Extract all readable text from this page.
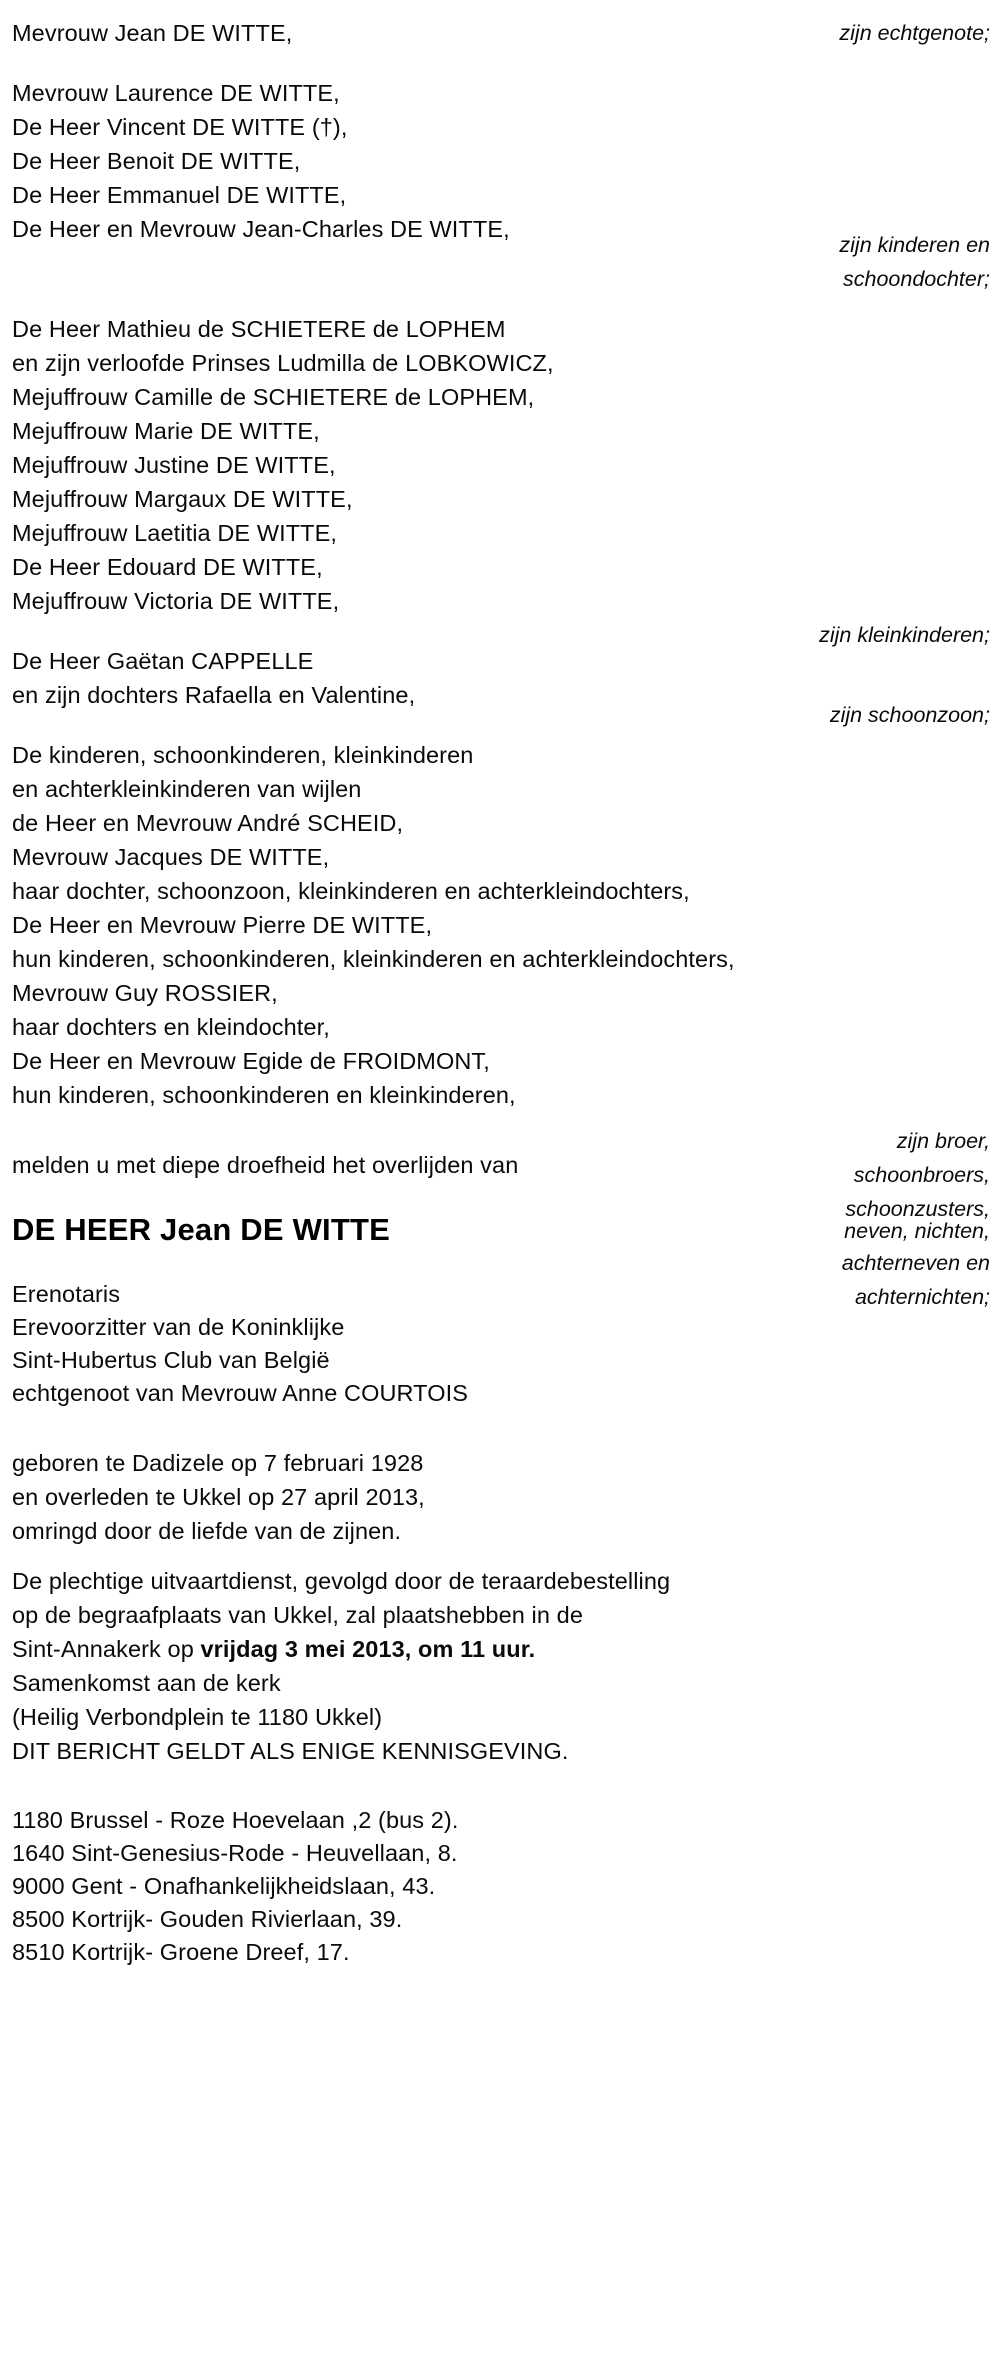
Mevrouw Jean DE WITTE,	zijn echtgenote;
Mevrouw Laurence DE WITTE,
De Heer Vincent DE WITTE (†),
De Heer Benoit DE WITTE,
De Heer Emmanuel DE WITTE,
De Heer en Mevrouw Jean-Charles DE WITTE,
zijn kinderen en
schoondochter;
De Heer Mathieu de SCHIETERE de LOPHEM
en zijn verloofde Prinses Ludmilla de LOBKOWICZ,
Mejuffrouw Camille de SCHIETERE de LOPHEM,
Mejuffrouw Marie DE WITTE,
Mejuffrouw Justine DE WITTE,
Mejuffrouw Margaux DE WITTE,
Mejuffrouw Laetitia DE WITTE,
De Heer Edouard DE WITTE,
Mejuffrouw Victoria DE WITTE,
zijn kleinkinderen;
De Heer Gaëtan CAPPELLE
en zijn dochters Rafaella en Valentine,
zijn schoonzoon;
De kinderen, schoonkinderen, kleinkinderen
en achterkleinkinderen van wijlen
de Heer en Mevrouw André SCHEID,
Mevrouw Jacques DE WITTE,
haar dochter, schoonzoon, kleinkinderen en achterkleindochters,
De Heer en Mevrouw Pierre DE WITTE,
hun kinderen, schoonkinderen, kleinkinderen en achterkleindochters,
Mevrouw Guy ROSSIER,
haar dochters en kleindochter,
De Heer en Mevrouw Egide de FROIDMONT,
hun kinderen, schoonkinderen en kleinkinderen,
zijn broer,
schoonbroers,
schoonzusters,
neven, nichten,
achterneven en
achternichten;
melden u met diepe droefheid het overlijden van
DE HEER Jean DE WITTE
Erenotaris
Erevoorzitter van de Koninklijke
Sint-Hubertus Club van België
echtgenoot van Mevrouw Anne COURTOIS
geboren te Dadizele op 7 februari 1928
en overleden te Ukkel op 27 april 2013,
omringd door de liefde van de zijnen.
De plechtige uitvaartdienst, gevolgd door de teraardebestelling
op de begraafplaats van Ukkel, zal plaatshebben in de
Sint-Annakerk op vrijdag 3 mei 2013, om 11 uur.
Samenkomst aan de kerk
(Heilig Verbondplein te 1180 Ukkel)
DIT BERICHT GELDT ALS ENIGE KENNISGEVING.
1180 Brussel - Roze Hoevelaan ,2 (bus 2).
1640 Sint-Genesius-Rode - Heuvellaan, 8.
9000 Gent - Onafhankelijkheidslaan, 43.
8500 Kortrijk- Gouden Rivierlaan, 39.
8510 Kortrijk- Groene Dreef, 17.
